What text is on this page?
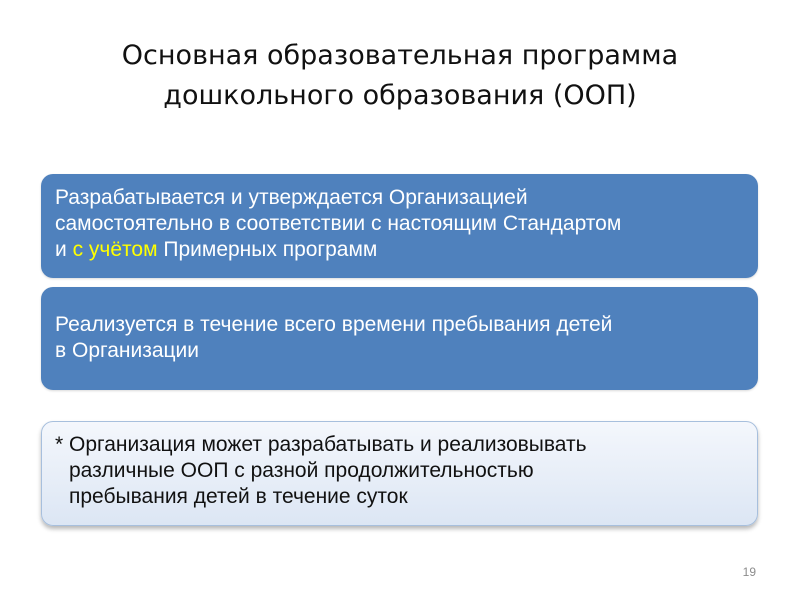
Основная образовательная программа
дошкольного образования (ООП)
Разрабатывается и утверждается Организацией
самостоятельно в соответствии с настоящим Стандартом
и с учётом Примерных программ
Реализуется в течение всего времени пребывания детей
в Организации
* Организация может разрабатывать и реализовывать
различные ООП с разной продолжительностью
пребывания детей в течение суток
19
